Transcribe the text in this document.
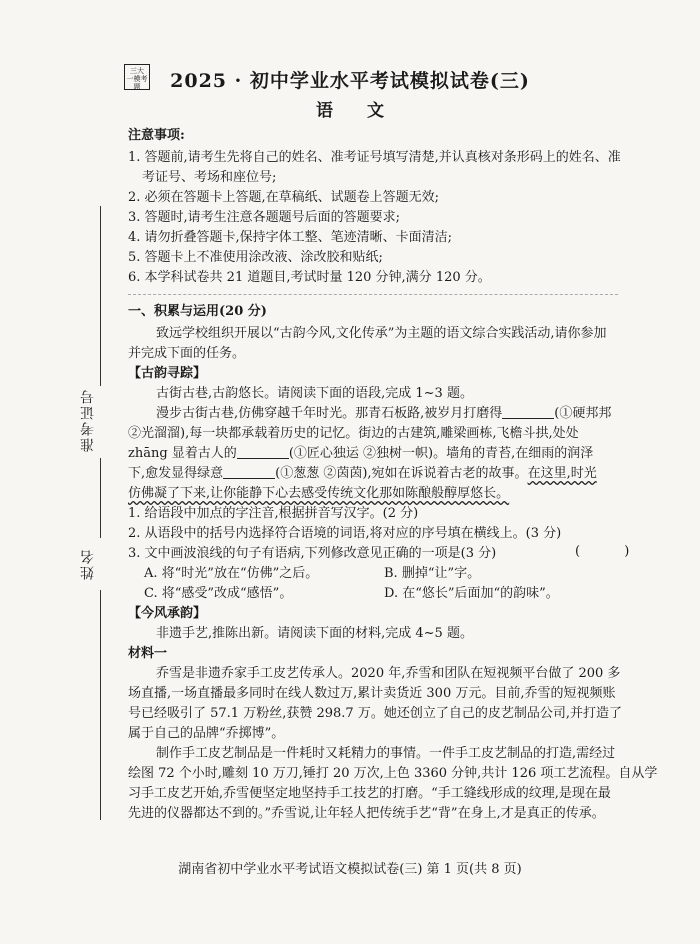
三大
一模考
题	2025 · 初中学业水平考试模拟试卷(三)
语 文
准考证号
姓名
注意事项:
1. 答题前,请考生先将自己的姓名、准考证号填写清楚,并认真核对条形码上的姓名、准
考证号、考场和座位号;
2. 必须在答题卡上答题,在草稿纸、试题卷上答题无效;
3. 答题时,请考生注意各题题号后面的答题要求;
4. 请勿折叠答题卡,保持字体工整、笔迹清晰、卡面清洁;
5. 答题卡上不准使用涂改液、涂改胶和贴纸;
6. 本学科试卷共 21 道题目,考试时量 120 分钟,满分 120 分。
一、积累与运用(20 分)
致远学校组织开展以“古韵今风,文化传承”为主题的语文综合实践活动,请你参加
并完成下面的任务。
【古韵寻踪】
古街古巷,古韵悠长。请阅读下面的语段,完成 1~3 题。
漫步古街古巷,仿佛穿越千年时光。那青石板路,被岁月打磨得	(①硬邦邦
②光溜溜),每一块都承载着历史的记忆。街边的古建筑,雕梁画栋,飞檐斗拱,处处
zhāng 显着古人的	(①匠心独运 ②独树一帜)。墙角的青苔,在细雨的润泽
下,愈发显得绿意	(①葱葱 ②茵茵),宛如在诉说着古老的故事。在这里,时光
仿佛凝了下来,让你能静下心去感受传统文化那如陈酿般醇厚悠长。
1. 给语段中加点的字注音,根据拼音写汉字。(2 分)
2. 从语段中的括号内选择符合语境的词语,将对应的序号填在横线上。(3 分)
3. 文中画波浪线的句子有语病,下列修改意见正确的一项是(3 分)	( )
A. 将“时光”放在“仿佛”之后。	B. 删掉“让”字。
C. 将“感受”改成“感悟”。	D. 在“悠长”后面加“的韵味”。
【今风承韵】
非遗手艺,推陈出新。请阅读下面的材料,完成 4~5 题。
材料一
乔雪是非遗乔家手工皮艺传承人。2020 年,乔雪和团队在短视频平台做了 200 多
场直播,一场直播最多同时在线人数过万,累计卖货近 300 万元。目前,乔雪的短视频账
号已经吸引了 57.1 万粉丝,获赞 298.7 万。她还创立了自己的皮艺制品公司,并打造了
属于自己的品牌“乔掷博”。
制作手工皮艺制品是一件耗时又耗精力的事情。一件手工皮艺制品的打造,需经过
绘图 72 个小时,雕刻 10 万刀,锤打 20 万次,上色 3360 分钟,共计 126 项工艺流程。自从学
习手工皮艺开始,乔雪便坚定地坚持手工技艺的打磨。“手工缝线形成的纹理,是现在最
先进的仪器都达不到的。”乔雪说,让年轻人把传统手艺“背”在身上,才是真正的传承。
湖南省初中学业水平考试语文模拟试卷(三) 第 1 页(共 8 页)
